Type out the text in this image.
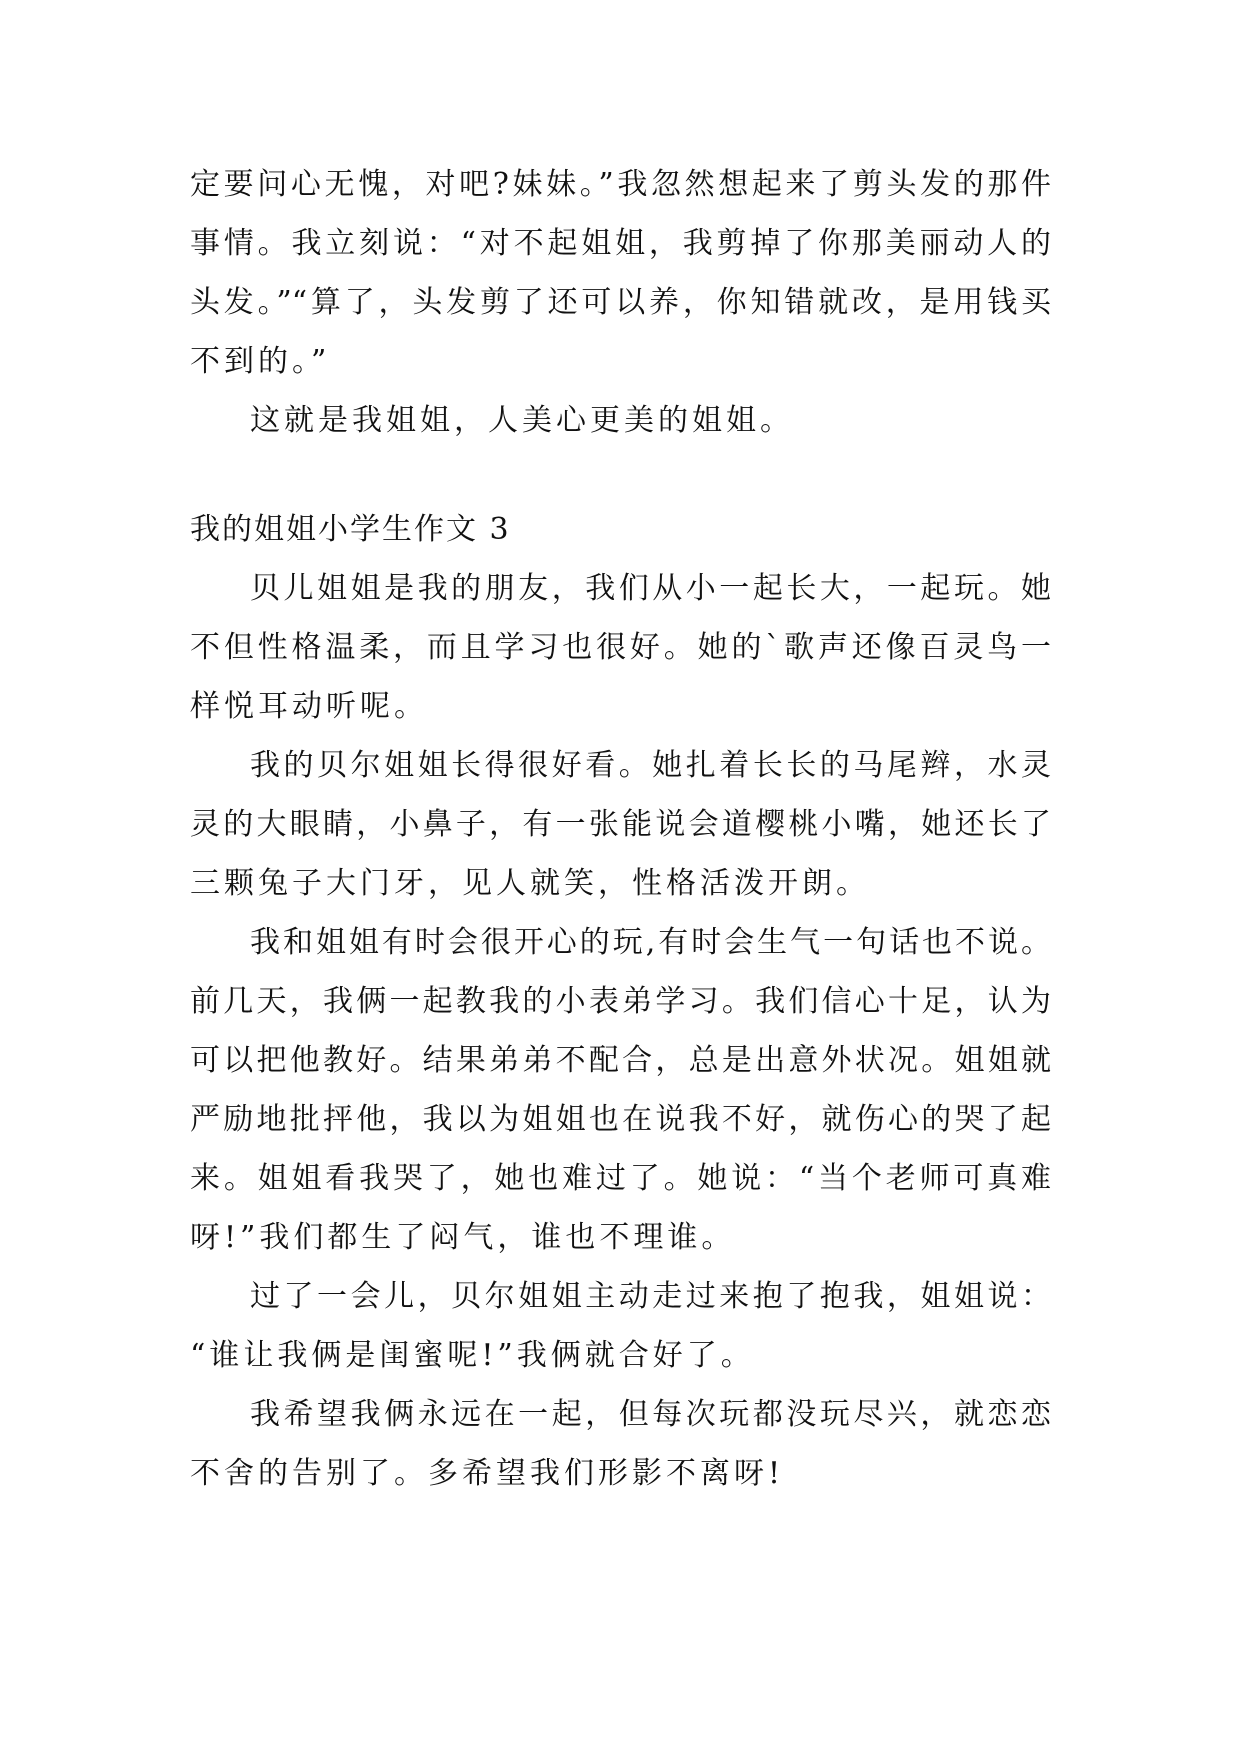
定要问心无愧，对吧?妹妹。”我忽然想起来了剪头发的那件
事情。我立刻说：“对不起姐姐，我剪掉了你那美丽动人的
头发。”“算了，头发剪了还可以养，你知错就改，是用钱买
不到的。”
这就是我姐姐，人美心更美的姐姐。
我的姐姐小学生作文 3
贝儿姐姐是我的朋友，我们从小一起长大，一起玩。她
不但性格温柔，而且学习也很好。她的`歌声还像百灵鸟一
样悦耳动听呢。
我的贝尔姐姐长得很好看。她扎着长长的马尾辫，水灵
灵的大眼睛，小鼻子，有一张能说会道樱桃小嘴，她还长了
三颗兔子大门牙，见人就笑，性格活泼开朗。
我和姐姐有时会很开心的玩,有时会生气一句话也不说。
前几天，我俩一起教我的小表弟学习。我们信心十足，认为
可以把他教好。结果弟弟不配合，总是出意外状况。姐姐就
严励地批抨他，我以为姐姐也在说我不好，就伤心的哭了起
来。姐姐看我哭了，她也难过了。她说：“当个老师可真难
呀!”我们都生了闷气，谁也不理谁。
过了一会儿，贝尔姐姐主动走过来抱了抱我，姐姐说：
“谁让我俩是闺蜜呢!”我俩就合好了。
我希望我俩永远在一起，但每次玩都没玩尽兴，就恋恋
不舍的告别了。多希望我们形影不离呀!
